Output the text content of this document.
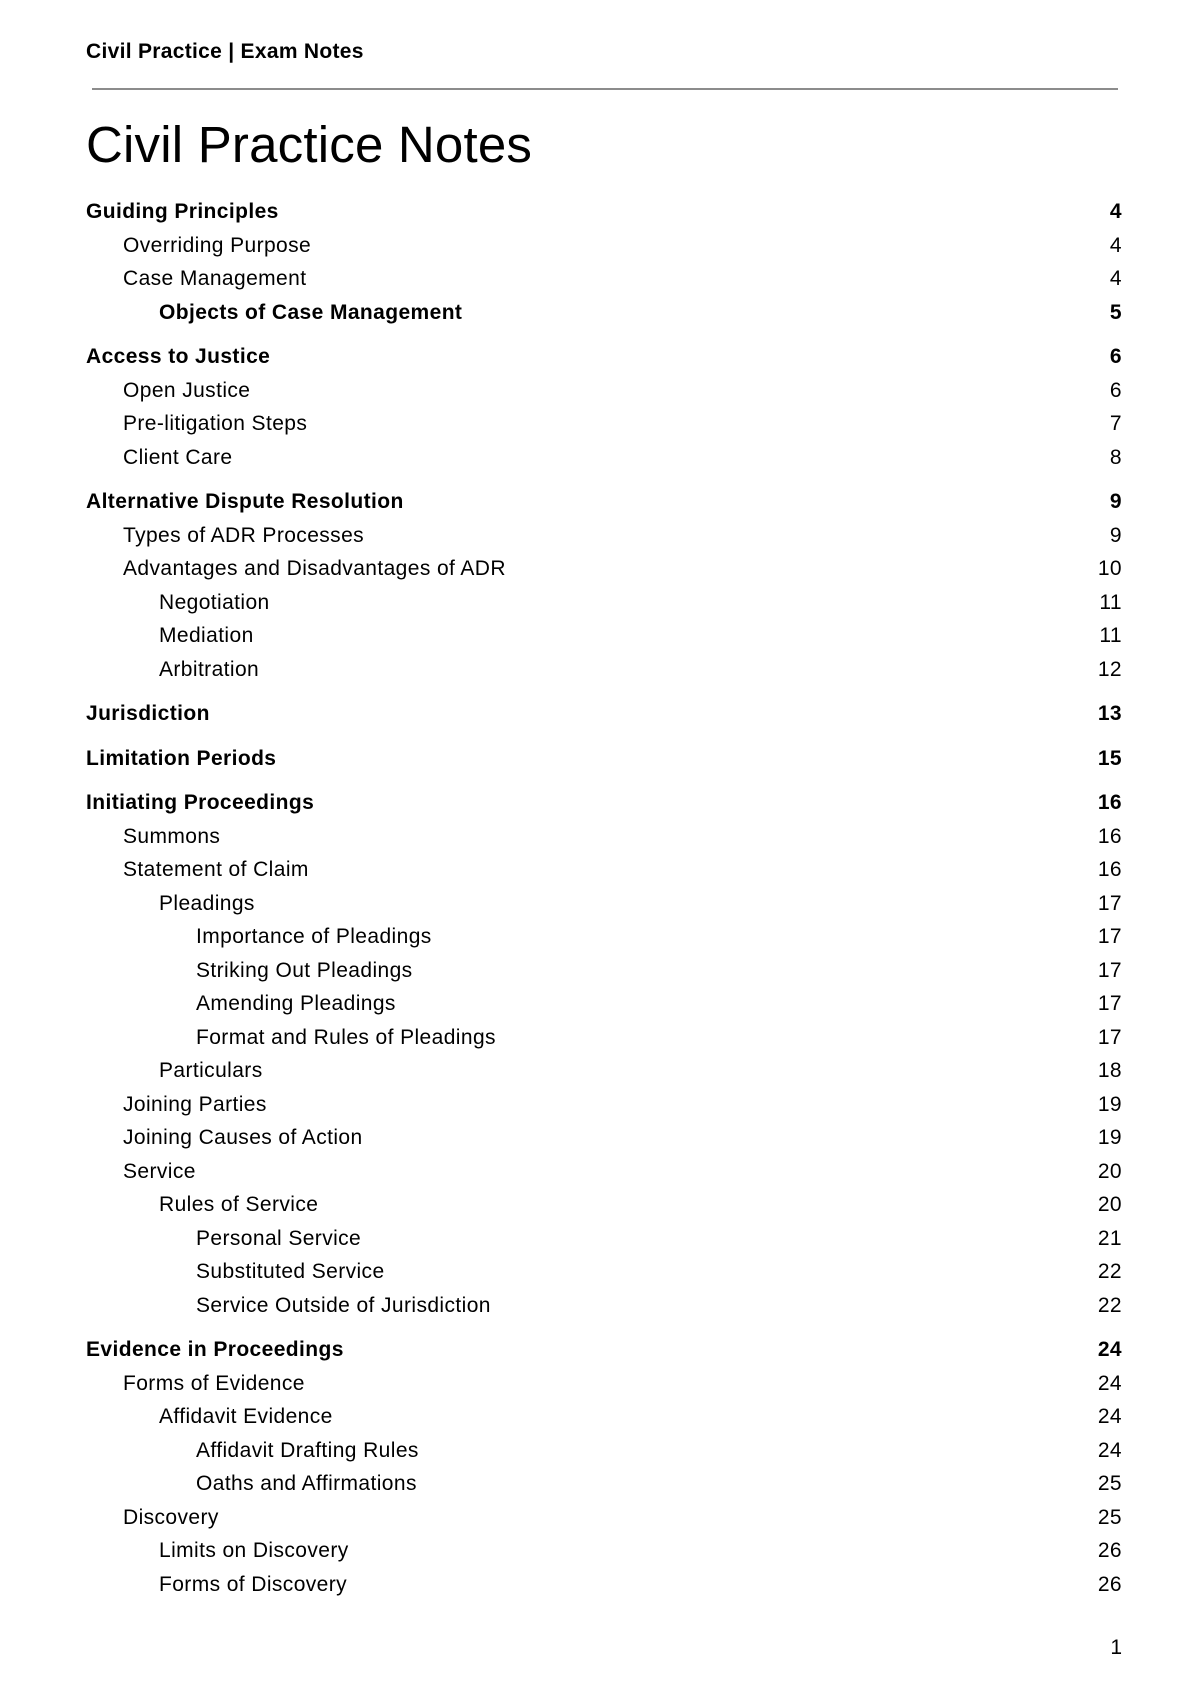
Civil Practice | Exam Notes
Civil Practice Notes
Guiding Principles	4
Overriding Purpose	4
Case Management	4
Objects of Case Management	5
Access to Justice	6
Open Justice	6
Pre-litigation Steps	7
Client Care	8
Alternative Dispute Resolution	9
Types of ADR Processes	9
Advantages and Disadvantages of ADR	10
Negotiation	11
Mediation	11
Arbitration	12
Jurisdiction	13
Limitation Periods	15
Initiating Proceedings	16
Summons	16
Statement of Claim	16
Pleadings	17
Importance of Pleadings	17
Striking Out Pleadings	17
Amending Pleadings	17
Format and Rules of Pleadings	17
Particulars	18
Joining Parties	19
Joining Causes of Action	19
Service	20
Rules of Service	20
Personal Service	21
Substituted Service	22
Service Outside of Jurisdiction	22
Evidence in Proceedings	24
Forms of Evidence	24
Affidavit Evidence	24
Affidavit Drafting Rules	24
Oaths and Affirmations	25
Discovery	25
Limits on Discovery	26
Forms of Discovery	26
1
